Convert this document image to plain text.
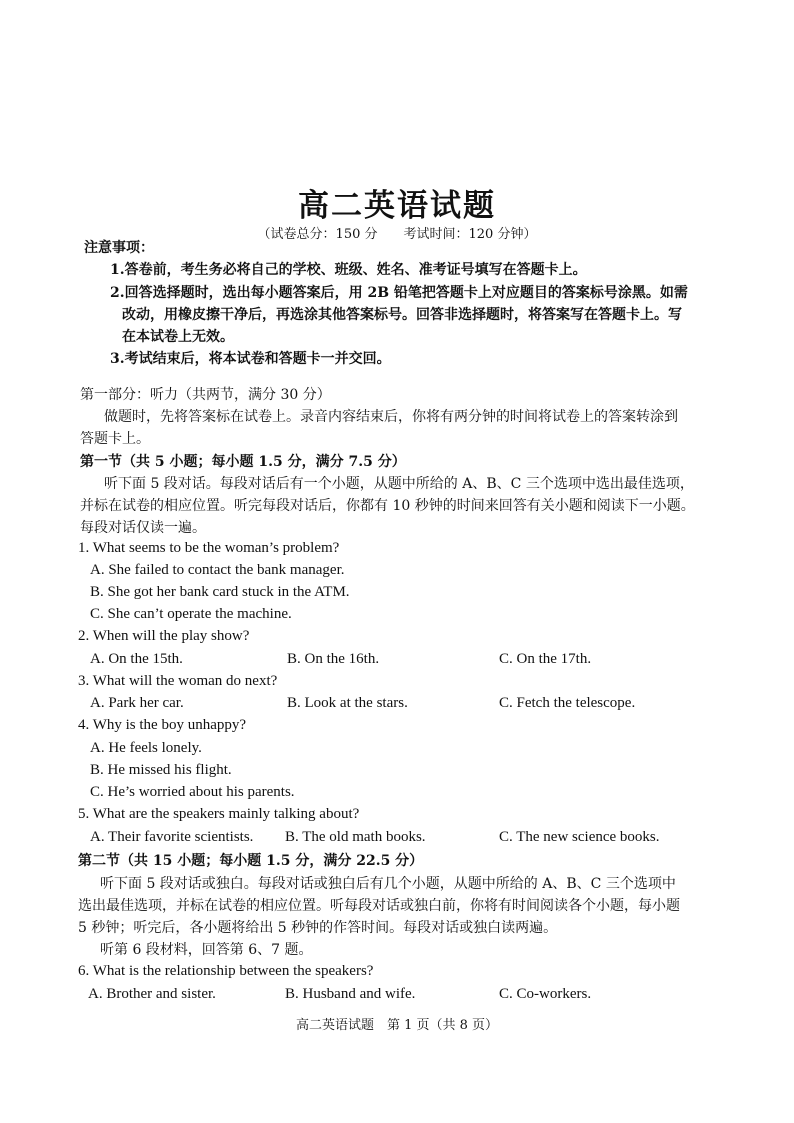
高二英语试题
（试卷总分：150 分　　考试时间：120 分钟）
注意事项：
1.答卷前，考生务必将自己的学校、班级、姓名、准考证号填写在答题卡上。
2.回答选择题时，选出每小题答案后，用 2B 铅笔把答题卡上对应题目的答案标号涂黑。如需
改动，用橡皮擦干净后，再选涂其他答案标号。回答非选择题时，将答案写在答题卡上。写
在本试卷上无效。
3.考试结束后，将本试卷和答题卡一并交回。
第一部分：听力（共两节，满分 30 分）
做题时，先将答案标在试卷上。录音内容结束后，你将有两分钟的时间将试卷上的答案转涂到
答题卡上。
第一节（共 5 小题；每小题 1.5 分，满分 7.5 分）
听下面 5 段对话。每段对话后有一个小题，从题中所给的 A、B、C 三个选项中选出最佳选项，
并标在试卷的相应位置。听完每段对话后，你都有 10 秒钟的时间来回答有关小题和阅读下一小题。
每段对话仅读一遍。
1. What seems to be the woman’s problem?
A. She failed to contact the bank manager.
B. She got her bank card stuck in the ATM.
C. She can’t operate the machine.
2. When will the play show?
A. On the 15th.	B. On the 16th.	C. On the 17th.
3. What will the woman do next?
A. Park her car.	B. Look at the stars.	C. Fetch the telescope.
4. Why is the boy unhappy?
A. He feels lonely.
B. He missed his flight.
C. He’s worried about his parents.
5. What are the speakers mainly talking about?
A. Their favorite scientists. B. The old math books.	C. The new science books.
第二节（共 15 小题；每小题 1.5 分，满分 22.5 分）
听下面 5 段对话或独白。每段对话或独白后有几个小题，从题中所给的 A、B、C 三个选项中
选出最佳选项，并标在试卷的相应位置。听每段对话或独白前，你将有时间阅读各个小题，每小题
5 秒钟；听完后，各小题将给出 5 秒钟的作答时间。每段对话或独白读两遍。
听第 6 段材料，回答第 6、7 题。
6. What is the relationship between the speakers?
A. Brother and sister.	B. Husband and wife.	C. Co-workers.
高二英语试题　第 1 页（共 8 页）
